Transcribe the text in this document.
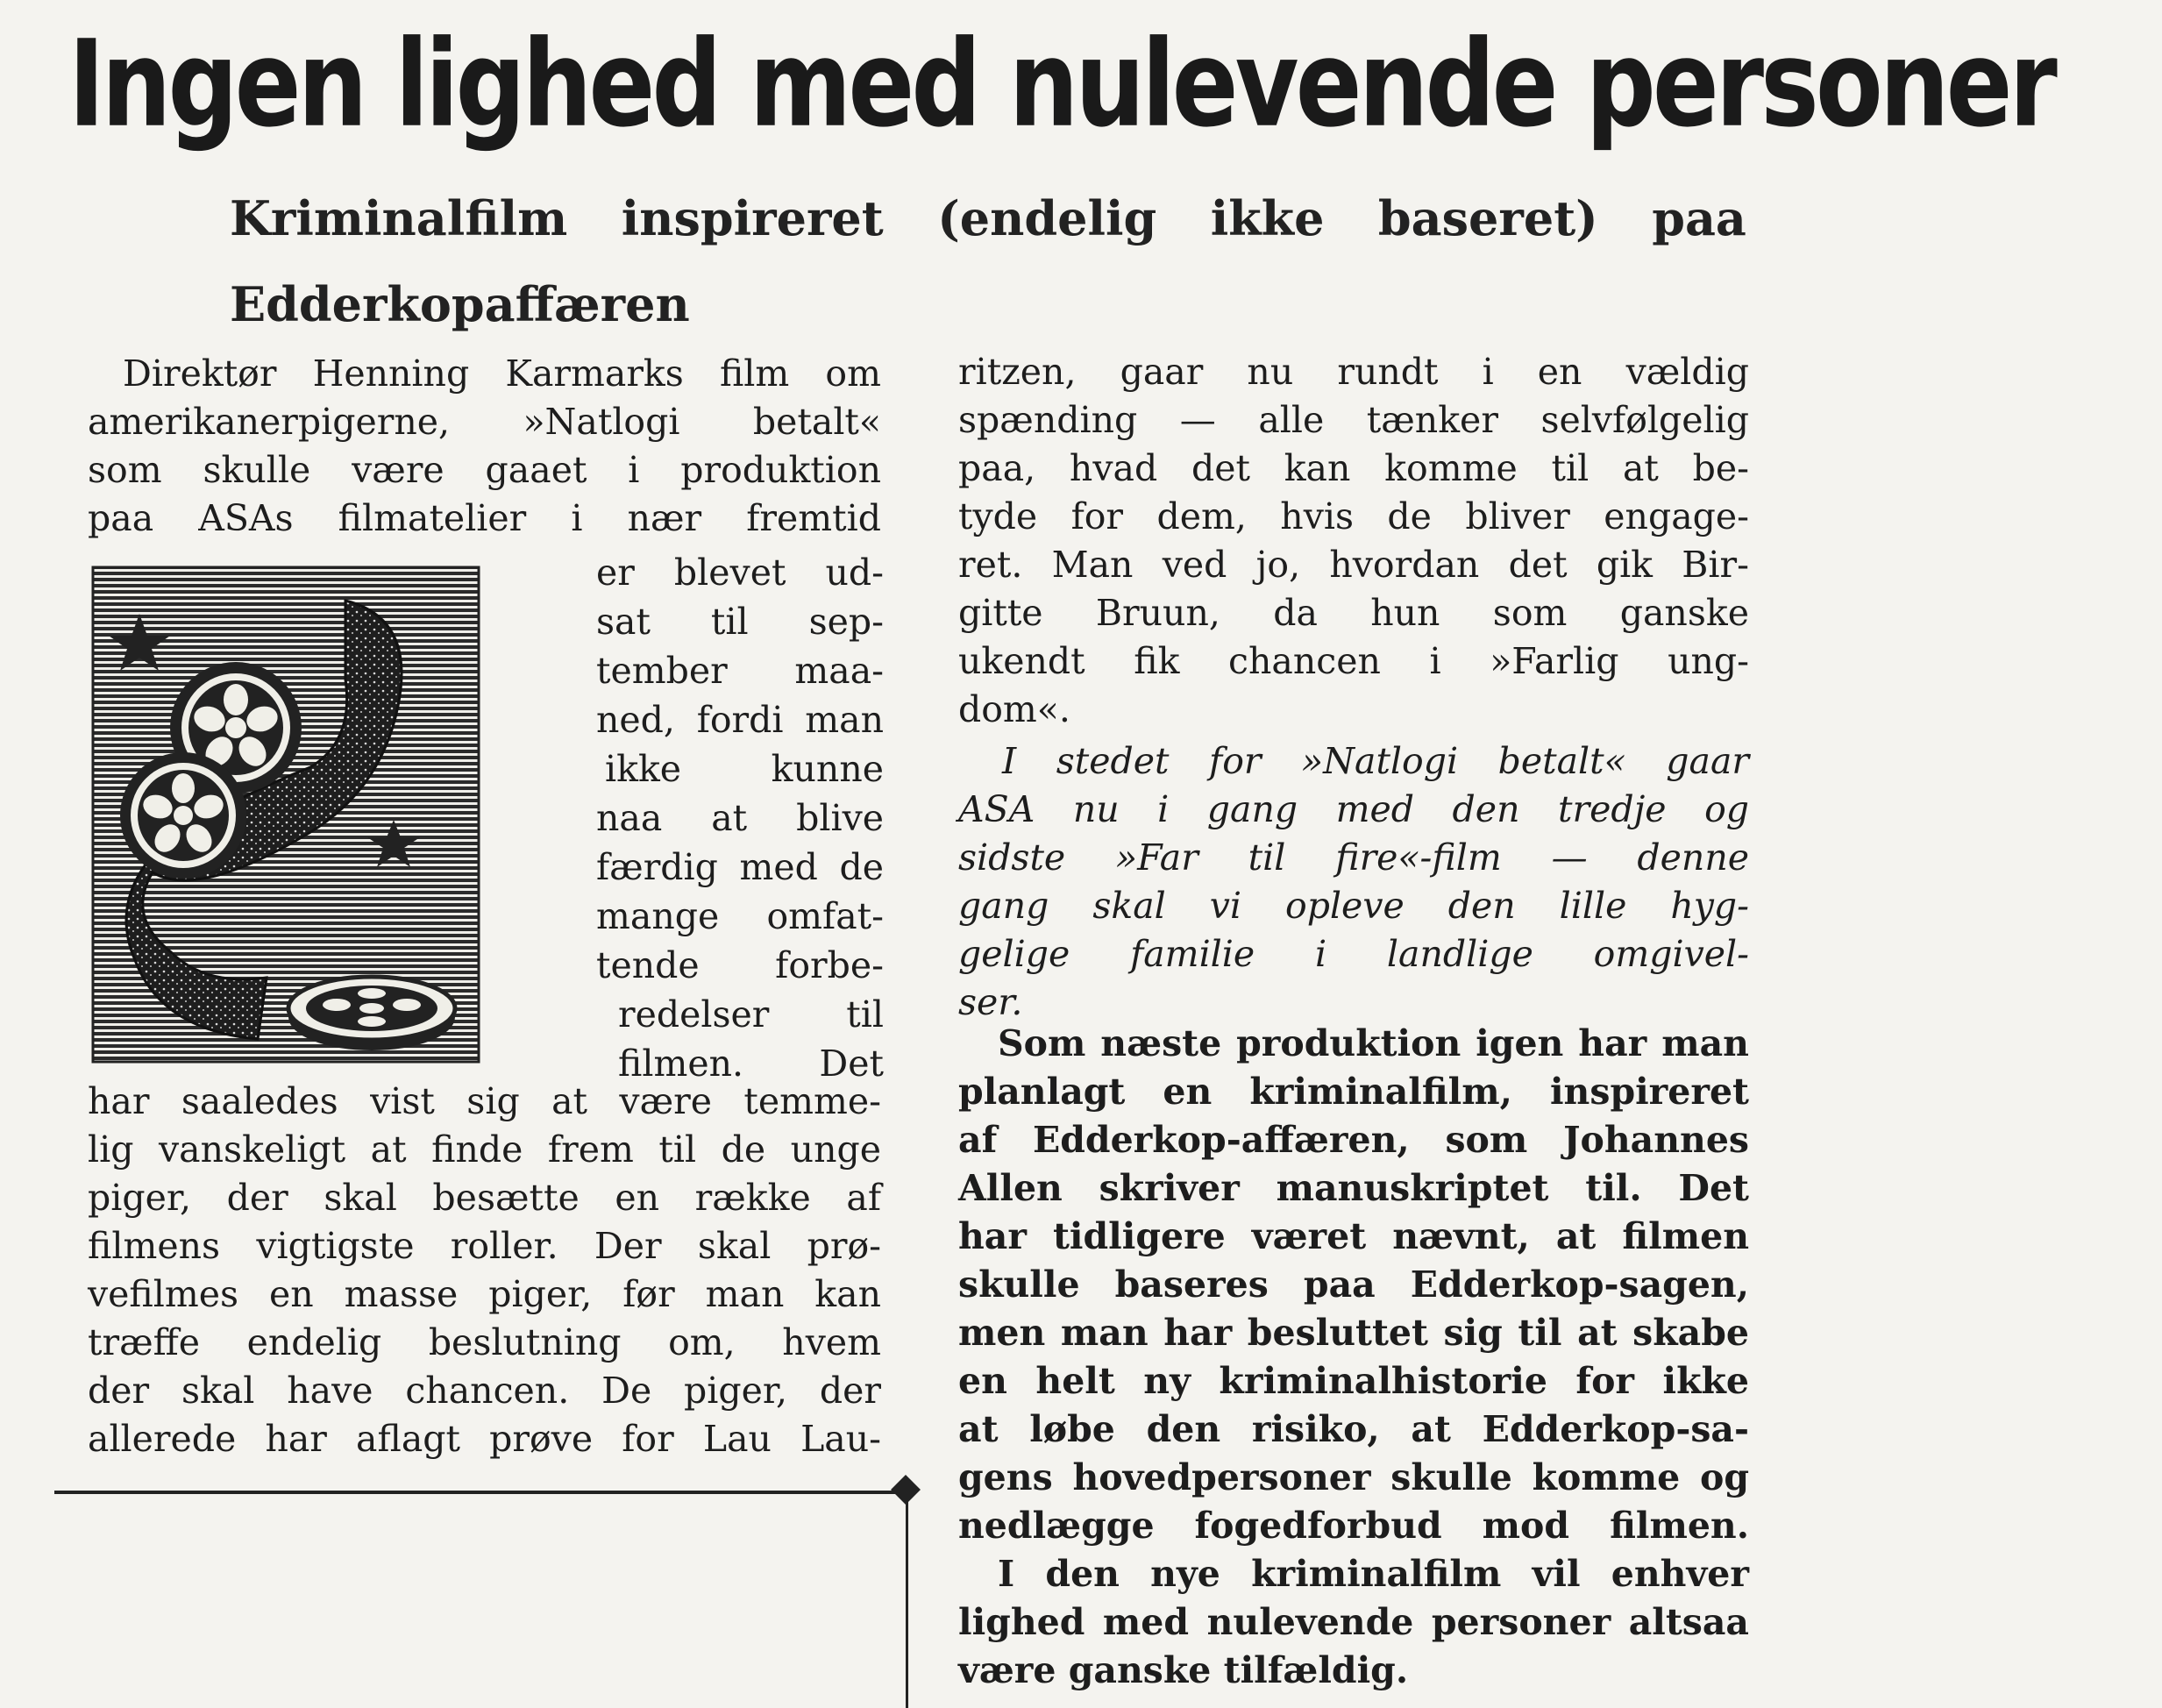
Ingen lighed med nulevende personer
Kriminalfilm inspireret (endelig ikke baseret) paa
Edderkopaffæren
Direktør Henning Karmarks film om
amerikanerpigerne, »Natlogi betalt«
som skulle være gaaet i produktion
paa ASAs filmatelier i nær fremtid
er blevet ud-
sat til sep-
tember maa-
ned, fordi man
ikke kunne
naa at blive
færdig med de
mange omfat-
tende forbe-
redelser til
filmen. Det
har saaledes vist sig at være temme-
lig vanskeligt at finde frem til de unge
piger, der skal besætte en række af
filmens vigtigste roller. Der skal prø-
vefilmes en masse piger, før man kan
træffe endelig beslutning om, hvem
der skal have chancen. De piger, der
allerede har aflagt prøve for Lau Lau-
ritzen, gaar nu rundt i en vældig
spænding — alle tænker selvfølgelig
paa, hvad det kan komme til at be-
tyde for dem, hvis de bliver engage-
ret. Man ved jo, hvordan det gik Bir-
gitte Bruun, da hun som ganske
ukendt fik chancen i »Farlig ung-
dom«.
I stedet for »Natlogi betalt« gaar
ASA nu i gang med den tredje og
sidste »Far til fire«-film — denne
gang skal vi opleve den lille hyg-
gelige familie i landlige omgivel-
ser.
Som næste produktion igen har man
planlagt en kriminalfilm, inspireret
af Edderkop-affæren, som Johannes
Allen skriver manuskriptet til. Det
har tidligere været nævnt, at filmen
skulle baseres paa Edderkop-sagen,
men man har besluttet sig til at skabe
en helt ny kriminalhistorie for ikke
at løbe den risiko, at Edderkop-sa-
gens hovedpersoner skulle komme og
nedlægge fogedforbud mod filmen.
I den nye kriminalfilm vil enhver
lighed med nulevende personer altsaa
være ganske tilfældig.
